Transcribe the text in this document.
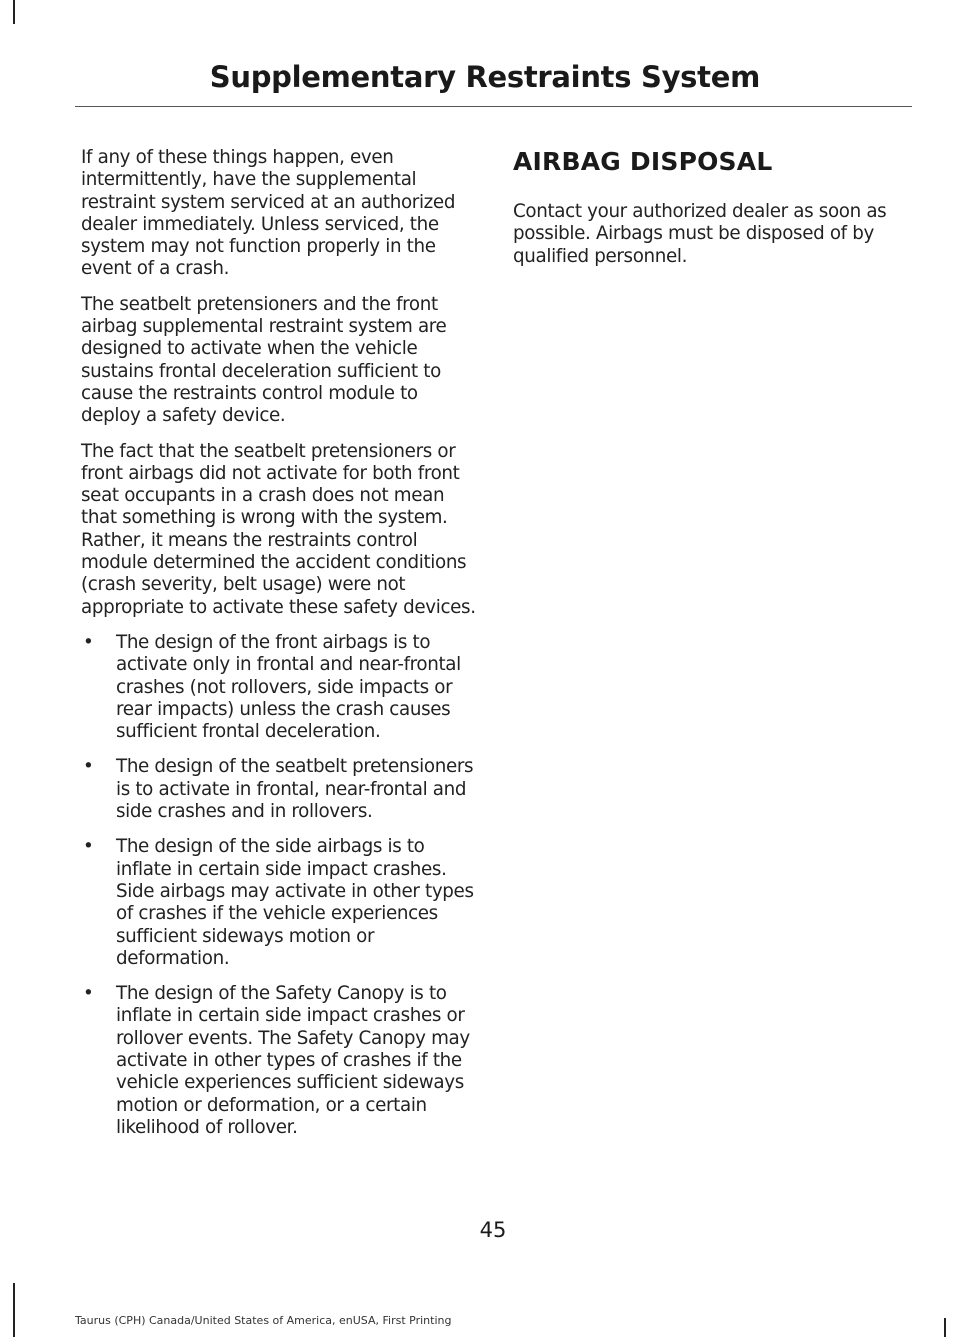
Supplementary Restraints System

If any of these things happen, even intermittently, have the supplemental restraint system serviced at an authorized dealer immediately. Unless serviced, the system may not function properly in the event of a crash.

The seatbelt pretensioners and the front airbag supplemental restraint system are designed to activate when the vehicle sustains frontal deceleration sufficient to cause the restraints control module to deploy a safety device.

The fact that the seatbelt pretensioners or front airbags did not activate for both front seat occupants in a crash does not mean that something is wrong with the system. Rather, it means the restraints control module determined the accident conditions (crash severity, belt usage) were not appropriate to activate these safety devices.

• The design of the front airbags is to activate only in frontal and near-frontal crashes (not rollovers, side impacts or rear impacts) unless the crash causes sufficient frontal deceleration.
• The design of the seatbelt pretensioners is to activate in frontal, near-frontal and side crashes and in rollovers.
• The design of the side airbags is to inflate in certain side impact crashes. Side airbags may activate in other types of crashes if the vehicle experiences sufficient sideways motion or deformation.
• The design of the Safety Canopy is to inflate in certain side impact crashes or rollover events. The Safety Canopy may activate in other types of crashes if the vehicle experiences sufficient sideways motion or deformation, or a certain likelihood of rollover.
AIRBAG DISPOSAL

Contact your authorized dealer as soon as possible. Airbags must be disposed of by qualified personnel.

45
Taurus (CPH) Canada/United States of America, enUSA, First Printing
